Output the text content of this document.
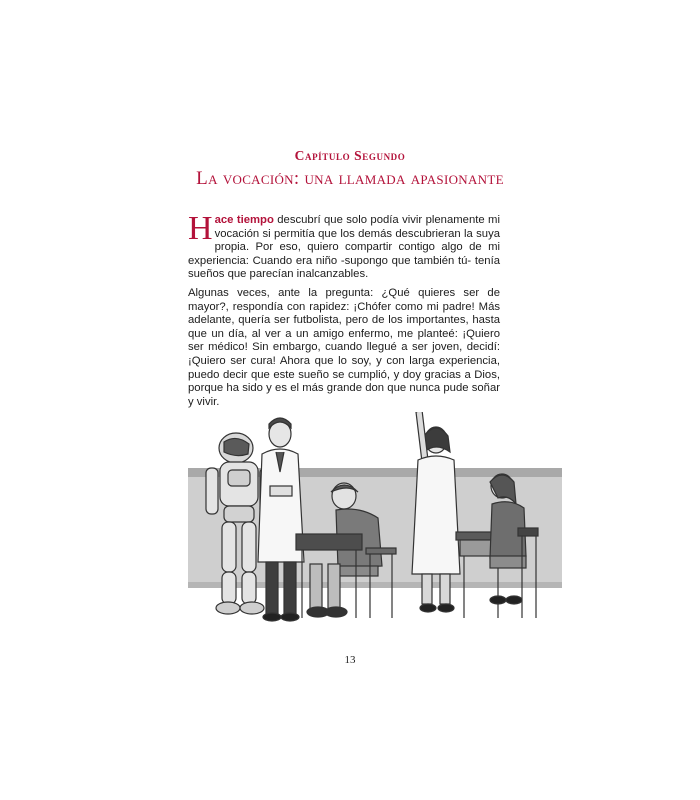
Capítulo Segundo
La vocación: una llamada apasionante
Hace tiempo descubrí que solo podía vivir plenamente mi vocación si permitía que los demás descubrieran la suya propia. Por eso, quiero compartir contigo algo de mi experiencia: Cuando era niño -supongo que también tú- tenía sueños que parecían inalcanzables.
Algunas veces, ante la pregunta: ¿Qué quieres ser de mayor?, respondía con rapidez: ¡Chófer como mi padre! Más adelante, quería ser futbolista, pero de los importantes, hasta que un día, al ver a un amigo enfermo, me planteé: ¡Quiero ser médico! Sin embargo, cuando llegué a ser joven, decidí: ¡Quiero ser cura! Ahora que lo soy, y con larga experiencia, puedo decir que este sueño se cumplió, y doy gracias a Dios, porque ha sido y es el más grande don que nunca pude soñar y vivir.
13
